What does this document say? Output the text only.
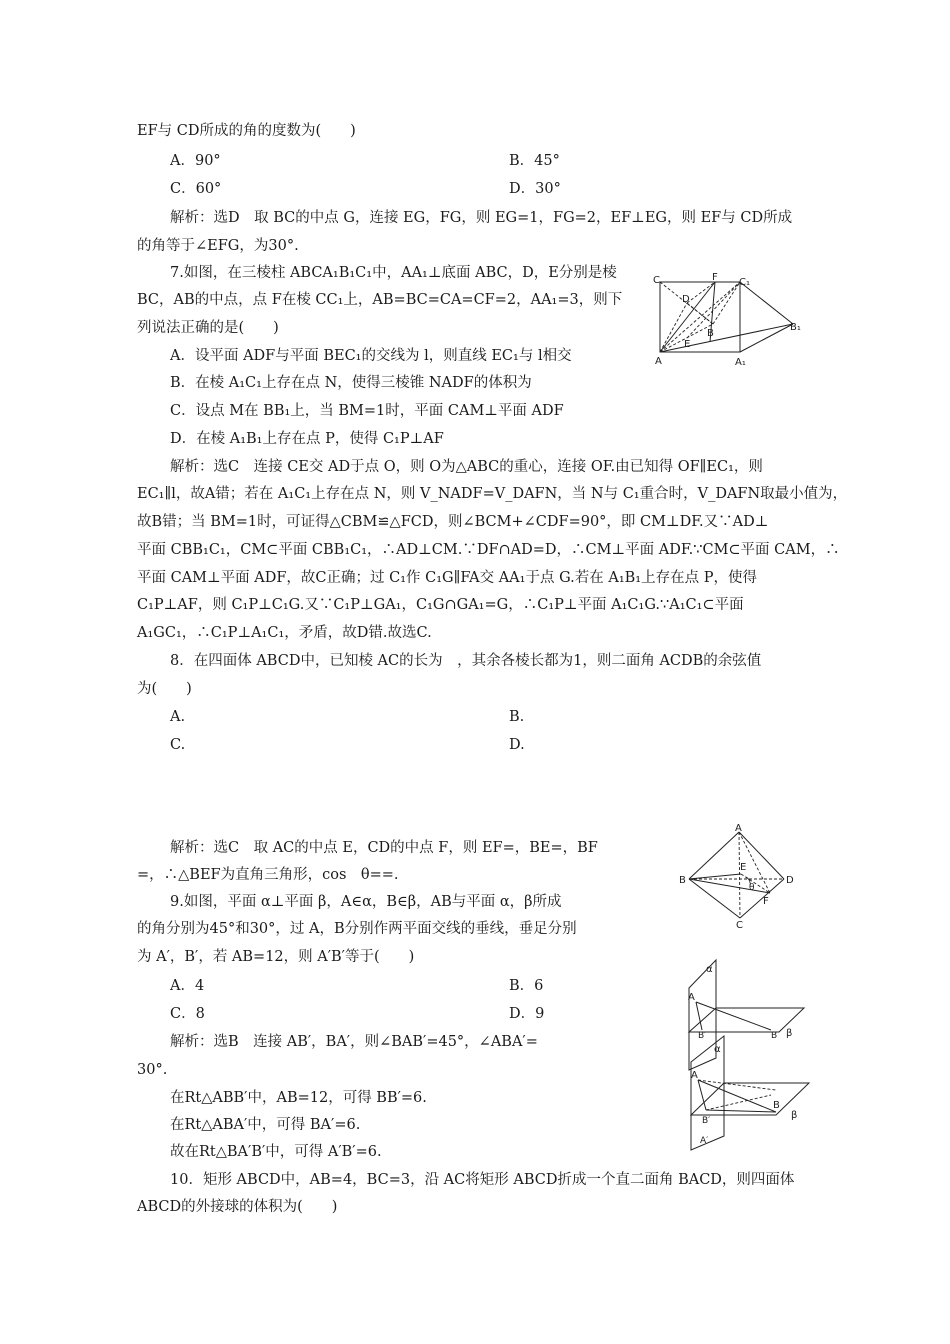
EF与 CD所成的角的度数为(　　)
A．90°	B．45°
C．60°	D．30°
解析：选D　取 BC的中点 G，连接 EG，FG，则 EG=1，FG=2，EF⊥EG，则 EF与 CD所成
的角等于∠EFG，为30°.
7.如图，在三棱柱 ABCA₁B₁C₁中，AA₁⊥底面 ABC，D，E分别是棱
BC，AB的中点，点 F在棱 CC₁上，AB=BC=CA=CF=2，AA₁=3，则下
列说法正确的是(　　)
A．设平面 ADF与平面 BEC₁的交线为 l，则直线 EC₁与 l相交
B．在棱 A₁C₁上存在点 N，使得三棱锥 NADF的体积为
C．设点 M在 BB₁上，当 BM=1时，平面 CAM⊥平面 ADF
D．在棱 A₁B₁上存在点 P，使得 C₁P⊥AF
解析：选C　连接 CE交 AD于点 O，则 O为△ABC的重心，连接 OF.由已知得 OF∥EC₁，则
EC₁∥l，故A错；若在 A₁C₁上存在点 N，则 V_NADF=V_DAFN，当 N与 C₁重合时，V_DAFN取最小值为，
故B错；当 BM=1时，可证得△CBM≌△FCD，则∠BCM+∠CDF=90°，即 CM⊥DF.又∵AD⊥
平面 CBB₁C₁，CM⊂平面 CBB₁C₁，∴AD⊥CM.∵DF∩AD=D，∴CM⊥平面 ADF.∵CM⊂平面 CAM，∴
平面 CAM⊥平面 ADF，故C正确；过 C₁作 C₁G∥FA交 AA₁于点 G.若在 A₁B₁上存在点 P，使得
C₁P⊥AF，则 C₁P⊥C₁G.又∵C₁P⊥GA₁，C₁G∩GA₁=G，∴C₁P⊥平面 A₁C₁G.∵A₁C₁⊂平面
A₁GC₁，∴C₁P⊥A₁C₁，矛盾，故D错.故选C.
C	F C₁
D
B₁
B
E
A	A₁
8．在四面体 ABCD中，已知棱 AC的长为　，其余各棱长都为1，则二面角 ACDB的余弦值
为(　　)
A.	B.
C.	D.
解析：选C　取 AC的中点 E，CD的中点 F，则 EF=，BE=，BF
=，∴△BEF为直角三角形，cos　θ==.
A
E
B
θ
D
F
C
9.如图，平面 α⊥平面 β，A∈α，B∈β，AB与平面 α，β所成
的角分别为45°和30°，过 A，B分别作两平面交线的垂线，垂足分别
为 A′，B′，若 AB=12，则 A′B′等于(　　)
A．4	B．6
C．8	D．9
解析：选B　连接 AB′，BA′，则∠BAB′=45°，∠ABA′=
30°.
在Rt△ABB′中，AB=12，可得 BB′=6.
在Rt△ABA′中，可得 BA′=6.
故在Rt△BA′B′中，可得 A′B′=6.
α
A
B′	B β
α
A
B′
B
β
A′
10．矩形 ABCD中，AB=4，BC=3，沿 AC将矩形 ABCD折成一个直二面角 BACD，则四面体
ABCD的外接球的体积为(　　)
